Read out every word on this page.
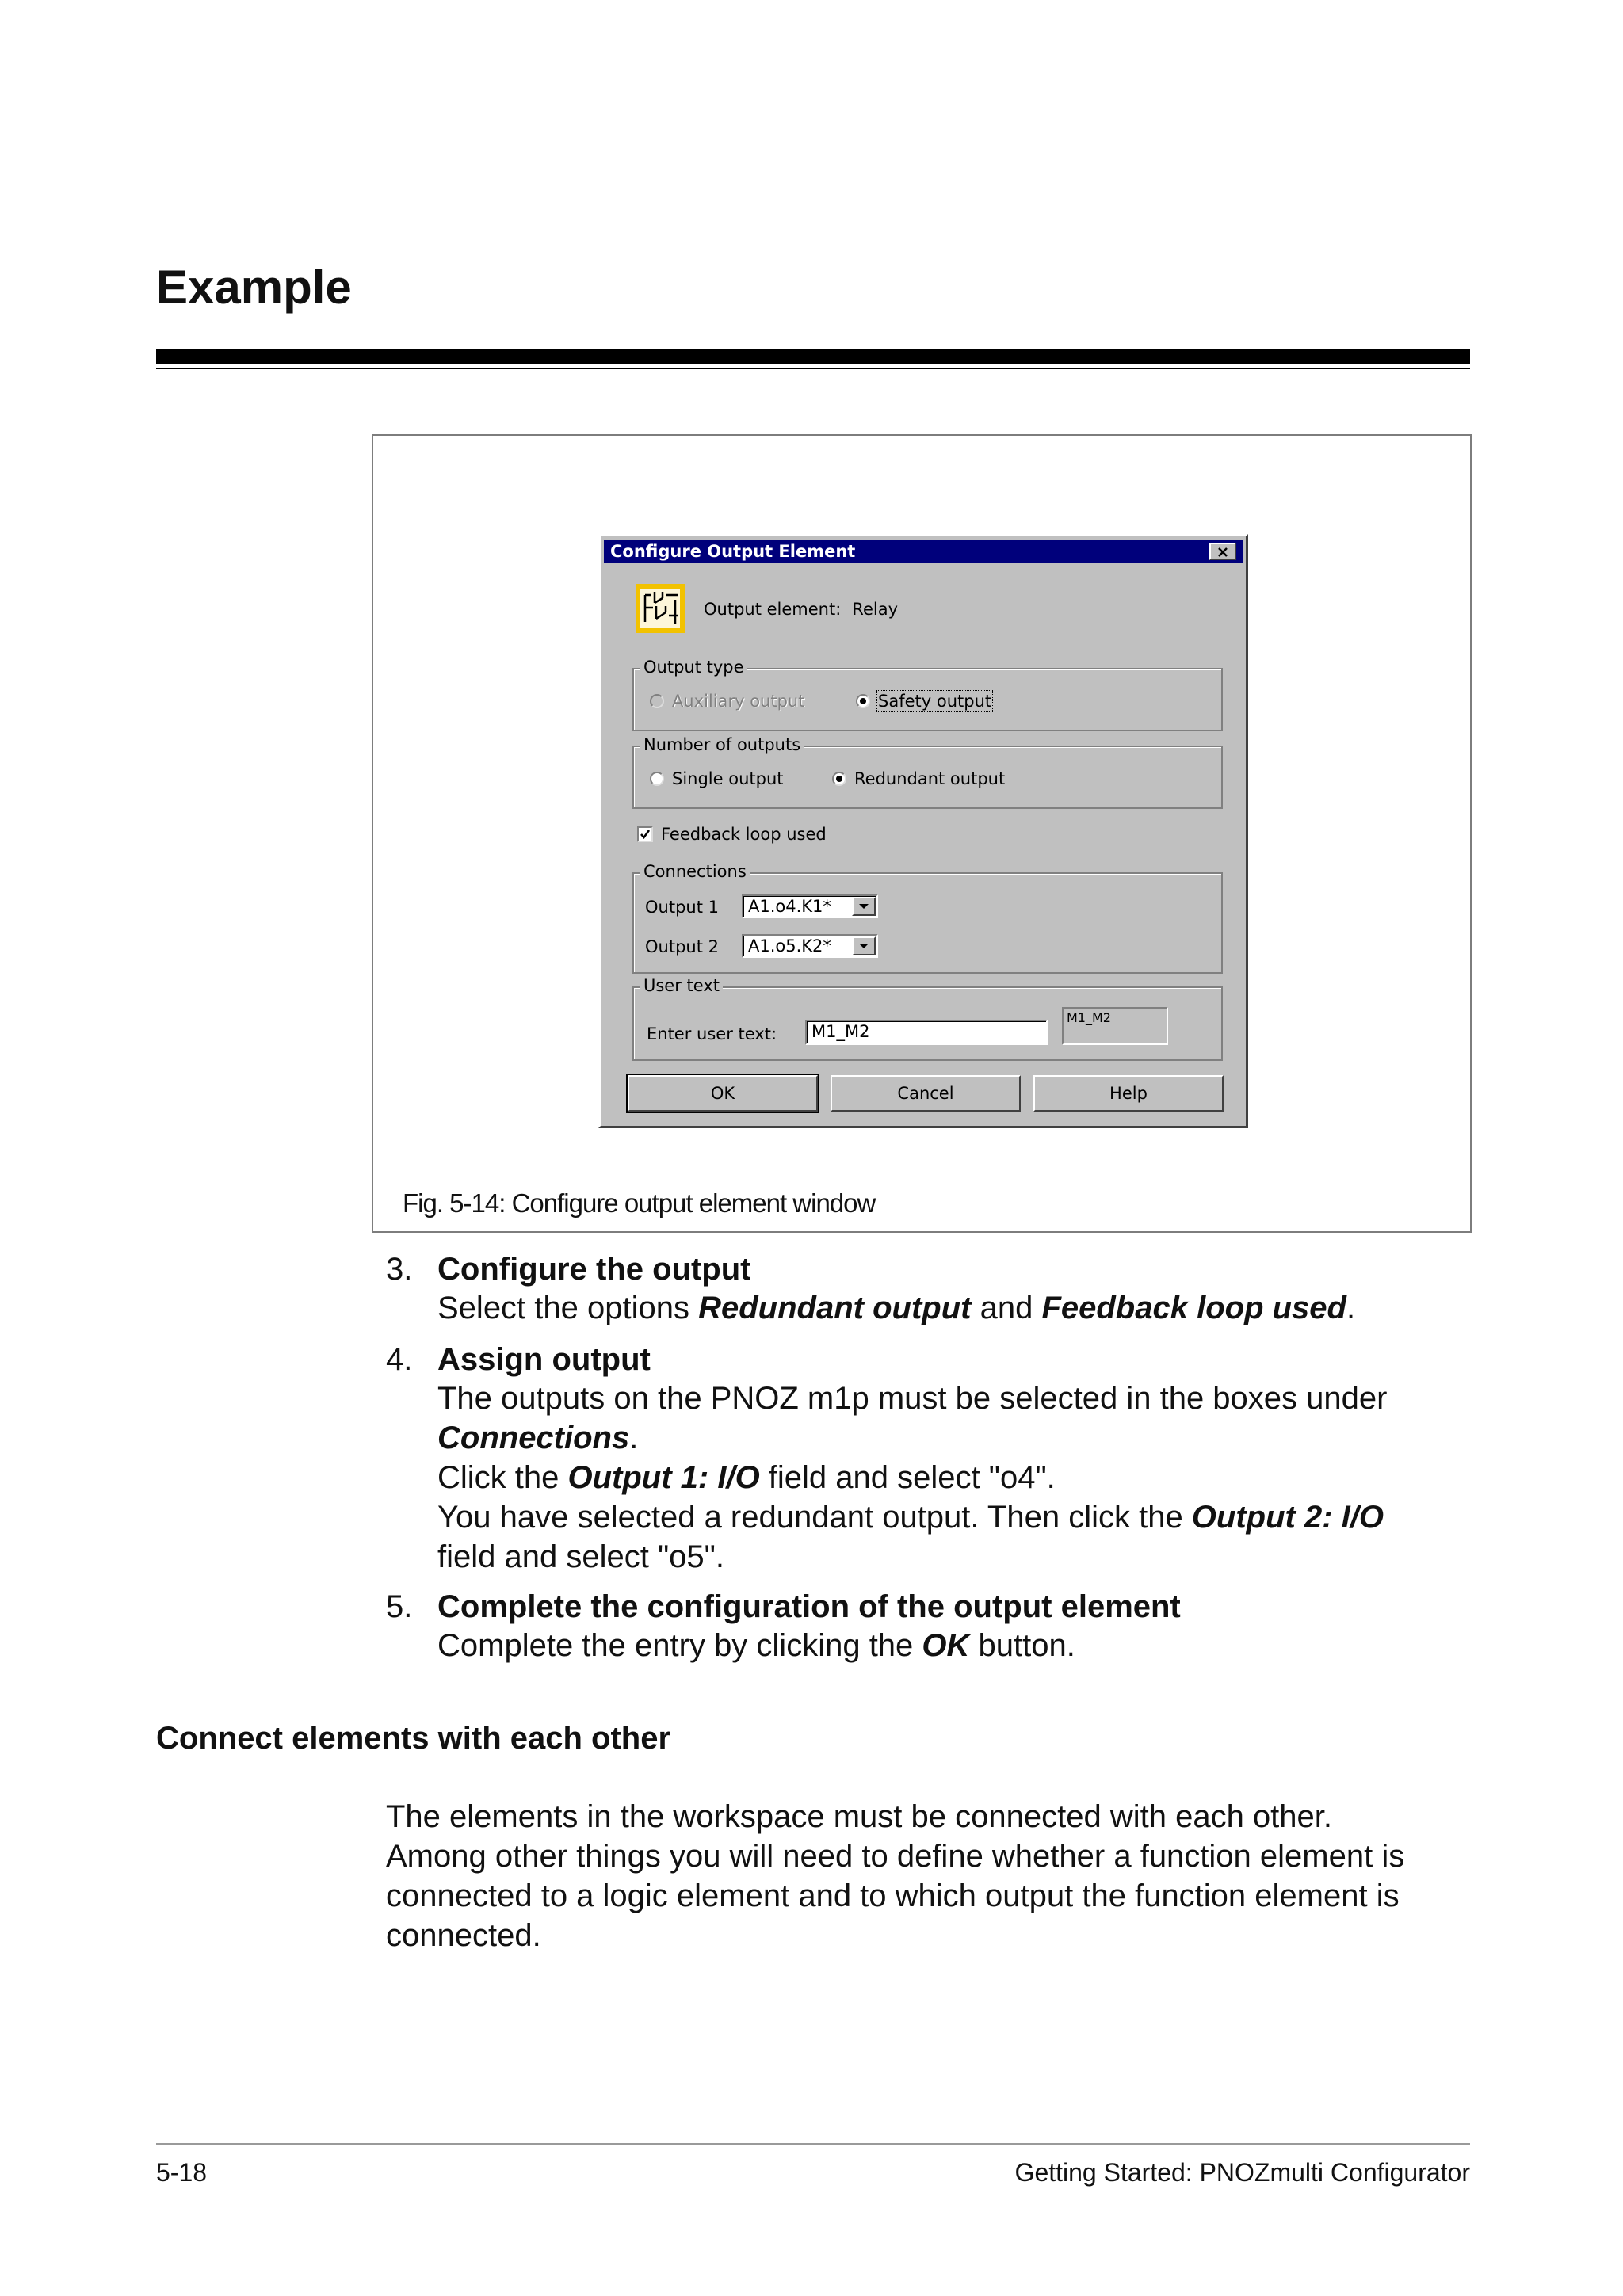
Example
Configure Output Element
Output element: Relay
Output type
Auxiliary output	Safety output
Number of outputs
Single output	Redundant output
Feedback loop used
Connections
Output 1	A1.o4.K1*
Output 2	A1.o5.K2*
User text
Enter user text:	M1_M2
M1_M2
OK	Cancel	Help
Fig. 5-14: Configure output element window
3. Configure the output
Select the options Redundant output and Feedback loop used.
4. Assign output
The outputs on the PNOZ m1p must be selected in the boxes under
Connections.
Click the Output 1: I/O field and select "o4".
You have selected a redundant output. Then click the Output 2: I/O
field and select "o5".
5. Complete the configuration of the output element
Complete the entry by clicking the OK button.
Connect elements with each other
The elements in the workspace must be connected with each other.
Among other things you will need to define whether a function element is
connected to a logic element and to which output the function element is
connected.
5-18	Getting Started: PNOZmulti Configurator
